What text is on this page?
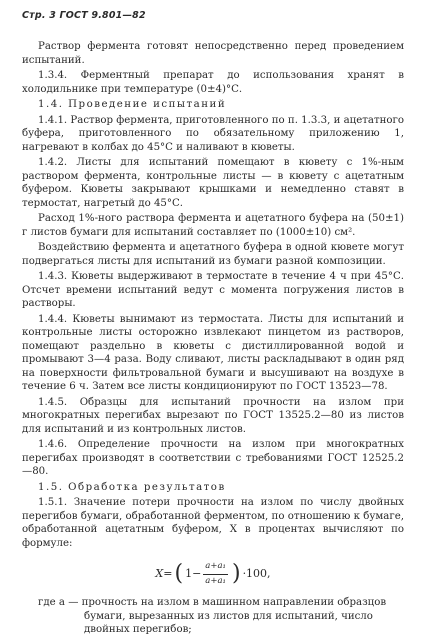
Стр. 3 ГОСТ 9.801—82

Раствор фермента готовят непосредственно перед проведением испытаний.

1.3.4. Ферментный препарат до использования хранят в холодильнике при температуре (0±4)°С.

1.4. Проведение испытаний

1.4.1. Раствор фермента, приготовленного по п. 1.3.3, и ацетатного буфера, приготовленного по обязательному приложению 1, нагревают в колбах до 45°С и наливают в кюветы.

1.4.2. Листы для испытаний помещают в кювету с 1%-ным раствором фермента, контрольные листы — в кювету с ацетатным буфером. Кюветы закрывают крышками и немедленно ставят в термостат, нагретый до 45°С.

Расход 1%-ного раствора фермента и ацетатного буфера на (50±1) г листов бумаги для испытаний составляет по (1000±10) см².

Воздействию фермента и ацетатного буфера в одной кювете могут подвергаться листы для испытаний из бумаги разной композиции.

1.4.3. Кюветы выдерживают в термостате в течение 4 ч при 45°С. Отсчет времени испытаний ведут с момента погружения листов в растворы.

1.4.4. Кюветы вынимают из термостата. Листы для испытаний и контрольные листы осторожно извлекают пинцетом из растворов, помещают раздельно в кюветы с дистиллированной водой и промывают 3—4 раза. Воду сливают, листы раскладывают в один ряд на поверхности фильтровальной бумаги и высушивают на воздухе в течение 6 ч. Затем все листы кондиционируют по ГОСТ 13523—78.

1.4.5. Образцы для испытаний прочности на излом при многократных перегибах вырезают по ГОСТ 13525.2—80 из листов для испытаний и из контрольных листов.

1.4.6. Определение прочности на излом при многократных перегибах производят в соответствии с требованиями ГОСТ 12525.2—80.

1.5. Обработка результатов

1.5.1. Значение потери прочности на излом по числу двойных перегибов бумаги, обработанной ферментом, по отношению к бумаге, обработанной ацетатным буфером, X в процентах вычисляют по формуле:

X= ( $1- \frac{\text{a+a₁}}{\text{a+a₁}}$ ) ·100,

где a — прочность на излом в машинном направлении образцов
бумаги, вырезанных из листов для испытаний, число
двойных перегибов;
